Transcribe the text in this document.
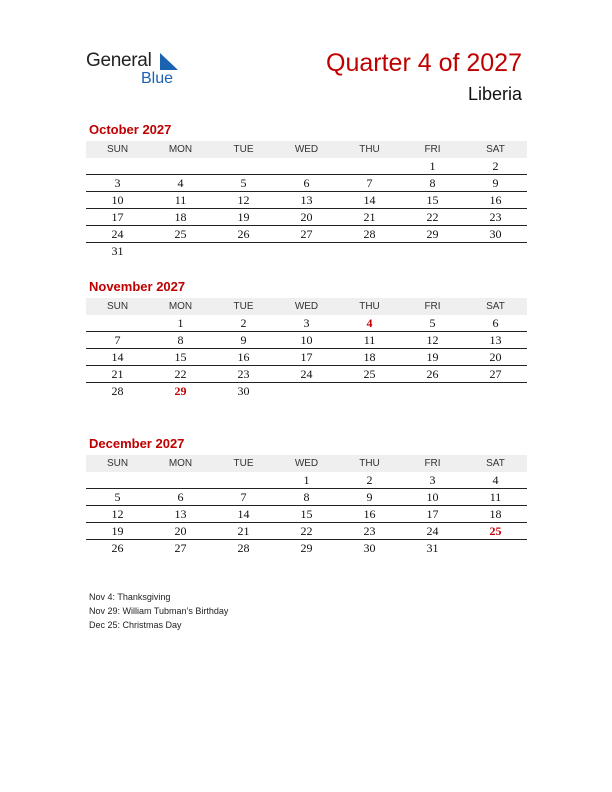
General
Blue
Quarter 4 of 2027
Liberia
October 2027
SUN	MON	TUE	WED	THU	FRI	SAT
					1	2
3	4	5	6	7	8	9
10	11	12	13	14	15	16
17	18	19	20	21	22	23
24	25	26	27	28	29	30
31						
November 2027
SUN	MON	TUE	WED	THU	FRI	SAT
	1	2	3	4	5	6
7	8	9	10	11	12	13
14	15	16	17	18	19	20
21	22	23	24	25	26	27
28	29	30				
December 2027
SUN	MON	TUE	WED	THU	FRI	SAT
			1	2	3	4
5	6	7	8	9	10	11
12	13	14	15	16	17	18
19	20	21	22	23	24	25
26	27	28	29	30	31	
Nov 4: Thanksgiving
Nov 29: William Tubman’s Birthday
Dec 25: Christmas Day
